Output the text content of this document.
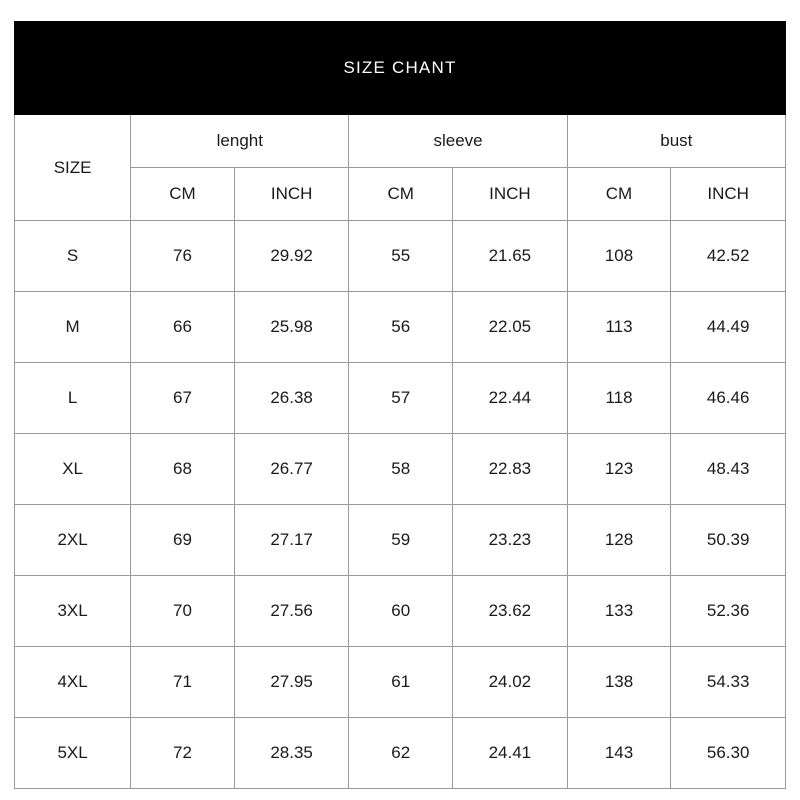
SIZE CHANT						
SIZE	lenght		sleeve		bust	
	CM	INCH	CM	INCH	CM	INCH
S	76	29.92	55	21.65	108	42.52
M	66	25.98	56	22.05	113	44.49
L	67	26.38	57	22.44	118	46.46
XL	68	26.77	58	22.83	123	48.43
2XL	69	27.17	59	23.23	128	50.39
3XL	70	27.56	60	23.62	133	52.36
4XL	71	27.95	61	24.02	138	54.33
5XL	72	28.35	62	24.41	143	56.30
